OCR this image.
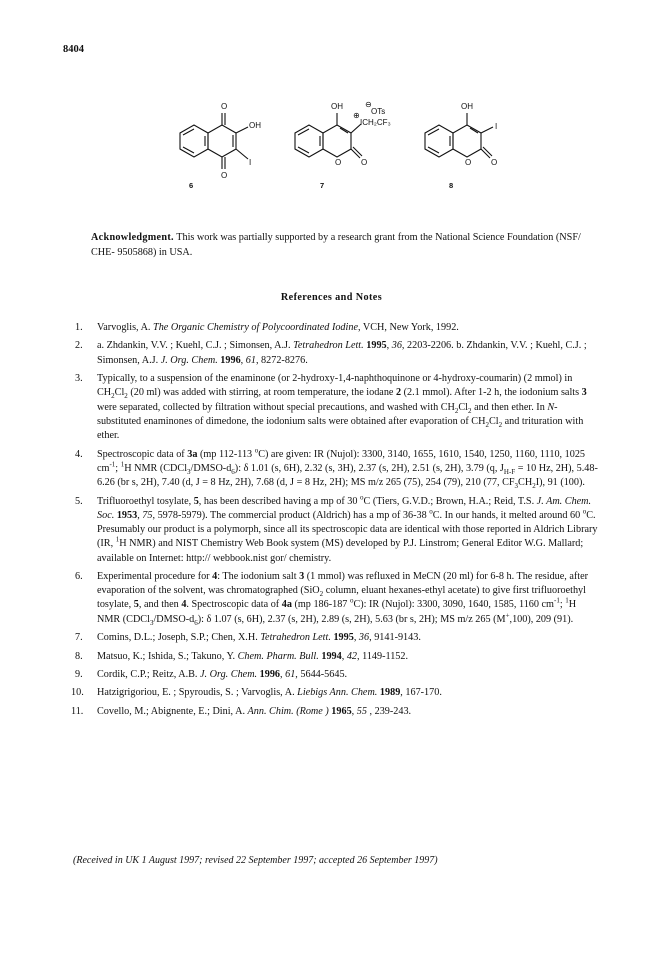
8404
O
OH
I
O
6
OH
⊕
⊖
OTs
ICH₂CF₃
O O
7
OH
I
O O
8

Acknowledgment. This work was partially supported by a research grant from the National Science Foundation (NSF/ CHE- 9505868) in USA.

References and Notes
1. Varvoglis, A. The Organic Chemistry of Polycoordinated Iodine, VCH, New York, 1992.
2. a. Zhdankin, V.V. ; Kuehl, C.J. ; Simonsen, A.J. Tetrahedron Lett. 1995, 36, 2203-2206. b. Zhdankin, V.V. ; Kuehl, C.J. ; Simonsen, A.J. J. Org. Chem. 1996, 61, 8272-8276.
3. Typically, to a suspension of the enaminone (or 2-hydroxy-1,4-naphthoquinone or 4-hydroxy-coumarin) (2 mmol) in $CH_2Cl_2$ (20 ml) was added with stirring, at room temperature, the iodane 2 (2.1 mmol). After 1-2 h, the iodonium salts 3 were separated, collected by filtration without special precautions, and washed with $CH_2Cl_2$ and then ether. In N-substituted enaminones of dimedone, the iodonium salts were obtained after evaporation of $CH_2Cl_2$ and trituration with ether.
4. Spectroscopic data of 3a (mp 112-113 $^o$C) are given: IR (Nujol): 3300, 3140, 1655, 1610, 1540, 1250, 1160, 1110, 1025 $cm^{-1}$; $^1$H NMR $(CDCl_3/DMSO-d_6)$: δ 1.01 (s, 6H), 2.32 (s, 3H), 2.37 (s, 2H), 2.51 (s, 2H), 3.79 (q, $J_{H-F} = 10$ Hz, 2H), 5.48-6.26 (br s, 2H), 7.40 (d, J = 8 Hz, 2H), 7.68 (d, J = 8 Hz, 2H); MS m/z 265 (75), 254 (79), 210 (77, $CF_3CH_2I$), 91 (100).
5. Trifluoroethyl tosylate, 5, has been described having a mp of 30 $^o$C (Tiers, G.V.D.; Brown, H.A.; Reid, T.S. J. Am. Chem. Soc. 1953, 75, 5978-5979). The commercial product (Aldrich) has a mp of 36-38 $^o$C. In our hands, it melted around 60 $^o$C. Presumably our product is a polymorph, since all its spectroscopic data are identical with those reported in Aldrich Library (IR, $^1$H NMR) and NIST Chemistry Web Book system (MS) developed by P.J. Linstrom; General Editor W.G. Mallard; available on Internet: http:// webbook.nist gor/ chemistry.
6. Experimental procedure for 4: The iodonium salt 3 (1 mmol) was refluxed in MeCN (20 ml) for 6-8 h. The residue, after evaporation of the solvent, was chromatographed (SiO$_2$ column, eluant hexanes-ethyl acetate) to give first trifluoroethyl tosylate, 5, and then 4. Spectroscopic data of 4a (mp 186-187 $^o$C): IR (Nujol): 3300, 3090, 1640, 1585, 1160 $cm^{-1}$; $^1$H NMR $(CDCl_3/DMSO-d_6)$: δ 1.07 (s, 6H), 2.37 (s, 2H), 2.89 (s, 2H), 5.63 (br s, 2H); MS m/z 265 (M+,100), 209 (91).
7. Comins, D.L.; Joseph, S.P.; Chen, X.H. Tetrahedron Lett. 1995, 36, 9141-9143.
8. Matsuo, K.; Ishida, S.; Takuno, Y. Chem. Pharm. Bull. 1994, 42, 1149-1152.
9. Cordik, C.P.; Reitz, A.B. J. Org. Chem. 1996, 61, 5644-5645.
10. Hatzigrigoriou, E. ; Spyroudis, S. ; Varvoglis, A. Liebigs Ann. Chem. 1989, 167-170.
11. Covello, M.; Abignente, E.; Dini, A. Ann. Chim. (Rome ) 1965, 55 , 239-243.
(Received in UK 1 August 1997; revised 22 September 1997; accepted 26 September 1997)
